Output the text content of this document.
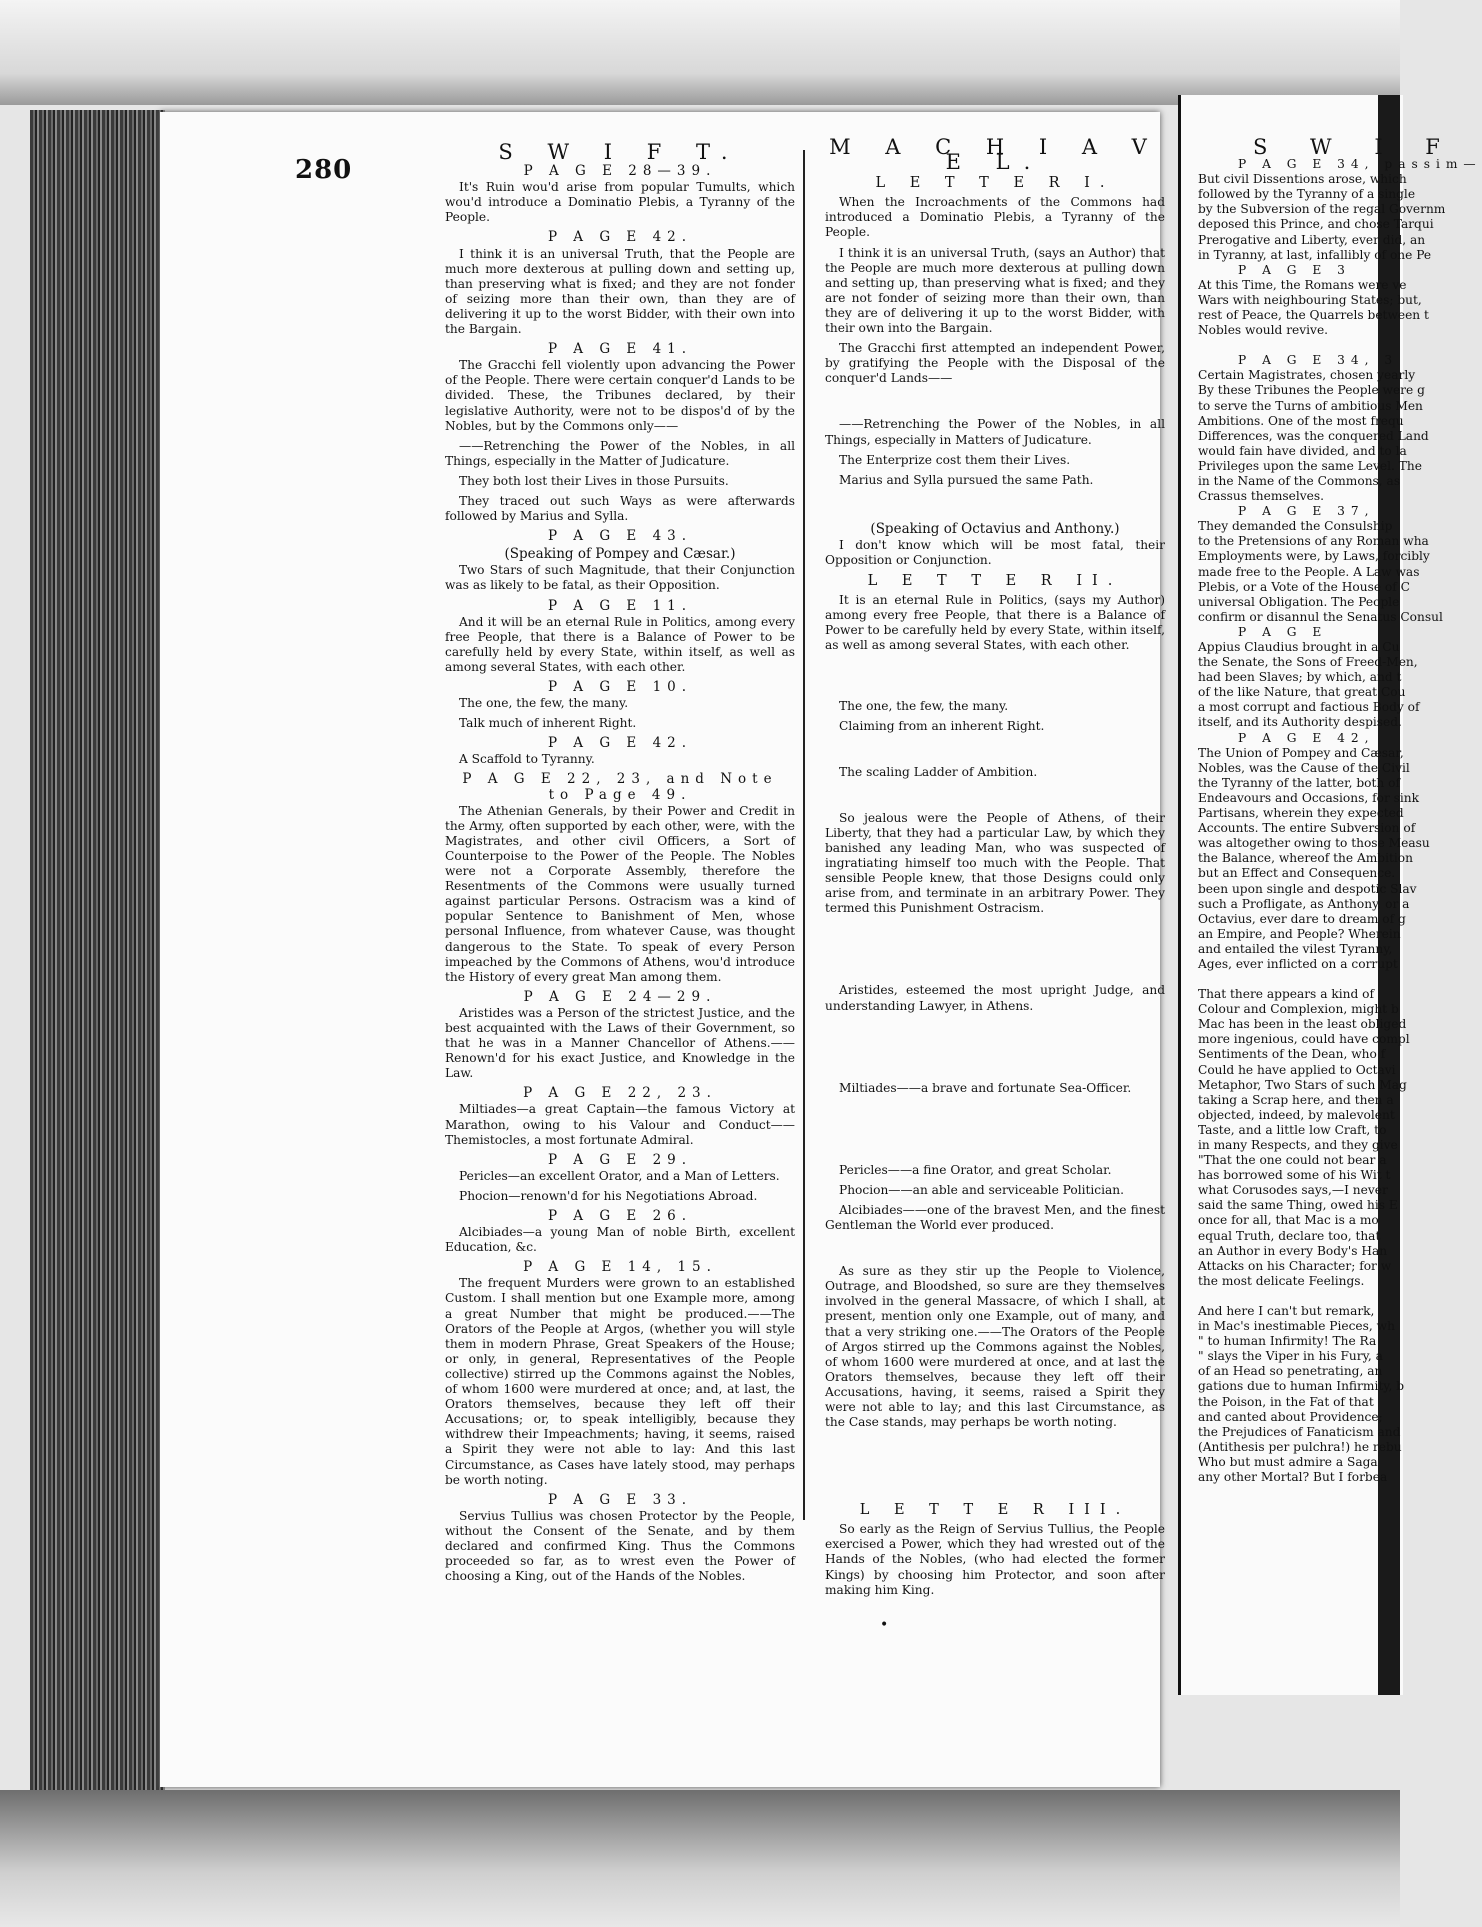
280
S W I F T.
P A G E 28—39.

It's Ruin wou'd arise from popular Tumults, which wou'd introduce a Dominatio Plebis, a Tyranny of the People.

P A G E 42.

I think it is an universal Truth, that the People are much more dexterous at pulling down and setting up, than preserving what is fixed; and they are not fonder of seizing more than their own, than they are of delivering it up to the worst Bidder, with their own into the Bargain.

P A G E 41.

The Gracchi fell violently upon advancing the Power of the People. There were certain conquer'd Lands to be divided. These, the Tribunes declared, by their legislative Authority, were not to be dispos'd of by the Nobles, but by the Commons only——

——Retrenching the Power of the Nobles, in all Things, especially in the Matter of Judicature.

They both lost their Lives in those Pursuits.

They traced out such Ways as were afterwards followed by Marius and Sylla.

P A G E 43.
(Speaking of Pompey and Cæsar.)

Two Stars of such Magnitude, that their Conjunction was as likely to be fatal, as their Opposition.

P A G E 11.

And it will be an eternal Rule in Politics, among every free People, that there is a Balance of Power to be carefully held by every State, within itself, as well as among several States, with each other.

P A G E 10.

The one, the few, the many.

Talk much of inherent Right.

P A G E 42.

A Scaffold to Tyranny.

P A G E 22, 23, and Note to Page 49.

The Athenian Generals, by their Power and Credit in the Army, often supported by each other, were, with the Magistrates, and other civil Officers, a Sort of Counterpoise to the Power of the People. The Nobles were not a Corporate Assembly, therefore the Resentments of the Commons were usually turned against particular Persons. Ostracism was a kind of popular Sentence to Banishment of Men, whose personal Influence, from whatever Cause, was thought dangerous to the State. To speak of every Person impeached by the Commons of Athens, wou'd introduce the History of every great Man among them.

P A G E 24—29.

Aristides was a Person of the strictest Justice, and the best acquainted with the Laws of their Government, so that he was in a Manner Chancellor of Athens.——Renown'd for his exact Justice, and Knowledge in the Law.

P A G E 22, 23.

Miltiades—a great Captain—the famous Victory at Marathon, owing to his Valour and Conduct——Themistocles, a most fortunate Admiral.

P A G E 29.

Pericles—an excellent Orator, and a Man of Letters.

Phocion—renown'd for his Negotiations Abroad.

P A G E 26.

Alcibiades—a young Man of noble Birth, excellent Education, &c.

P A G E 14, 15.

The frequent Murders were grown to an established Custom. I shall mention but one Example more, among a great Number that might be produced.——The Orators of the People at Argos, (whether you will style them in modern Phrase, Great Speakers of the House; or only, in general, Representatives of the People collective) stirred up the Commons against the Nobles, of whom 1600 were murdered at once; and, at last, the Orators themselves, because they left off their Accusations; or, to speak intelligibly, because they withdrew their Impeachments; having, it seems, raised a Spirit they were not able to lay: And this last Circumstance, as Cases have lately stood, may perhaps be worth noting.

P A G E 33.

Servius Tullius was chosen Protector by the People, without the Consent of the Senate, and by them declared and confirmed King. Thus the Commons proceeded so far, as to wrest even the Power of choosing a King, out of the Hands of the Nobles.

M A C H I A V E L.
L E T T E R I.

When the Incroachments of the Commons had introduced a Dominatio Plebis, a Tyranny of the People.

I think it is an universal Truth, (says an Author) that the People are much more dexterous at pulling down and setting up, than preserving what is fixed; and they are not fonder of seizing more than their own, than they are of delivering it up to the worst Bidder, with their own into the Bargain.

The Gracchi first attempted an independent Power, by gratifying the People with the Disposal of the conquer'd Lands——

——Retrenching the Power of the Nobles, in all Things, especially in Matters of Judicature.

The Enterprize cost them their Lives.

Marius and Sylla pursued the same Path.

(Speaking of Octavius and Anthony.)

I don't know which will be most fatal, their Opposition or Conjunction.

L E T T E R II.

It is an eternal Rule in Politics, (says my Author) among every free People, that there is a Balance of Power to be carefully held by every State, within itself, as well as among several States, with each other.

The one, the few, the many.

Claiming from an inherent Right.

The scaling Ladder of Ambition.

So jealous were the People of Athens, of their Liberty, that they had a particular Law, by which they banished any leading Man, who was suspected of ingratiating himself too much with the People. That sensible People knew, that those Designs could only arise from, and terminate in an arbitrary Power. They termed this Punishment Ostracism.

Aristides, esteemed the most upright Judge, and understanding Lawyer, in Athens.

Miltiades——a brave and fortunate Sea-Officer.

Pericles——a fine Orator, and great Scholar.

Phocion——an able and serviceable Politician.

Alcibiades——one of the bravest Men, and the finest Gentleman the World ever produced.

As sure as they stir up the People to Violence, Outrage, and Bloodshed, so sure are they themselves involved in the general Massacre, of which I shall, at present, mention only one Example, out of many, and that a very striking one.——The Orators of the People of Argos stirred up the Commons against the Nobles, of whom 1600 were murdered at once, and at last the Orators themselves, because they left off their Accusations, having, it seems, raised a Spirit they were not able to lay; and this last Circumstance, as the Case stands, may perhaps be worth noting.

L E T T E R III.

So early as the Reign of Servius Tullius, the People exercised a Power, which they had wrested out of the Hands of the Nobles, (who had elected the former Kings) by choosing him Protector, and soon after making him King.

S W I F
P A G E 34, passim—
But civil Dissentions arose, which
followed by the Tyranny of a single
by the Subversion of the regal Governm
deposed this Prince, and chose Tarqui
Prerogative and Liberty, ever did, an
in Tyranny, at last, infallibly of one Pe
P A G E 3
At this Time, the Romans were ve
Wars with neighbouring States; but,
rest of Peace, the Quarrels between t
Nobles would revive.
P A G E 34, 3
Certain Magistrates, chosen yearly
By these Tribunes the People were g
to serve the Turns of ambitious Men
Ambitions. One of the most frequ
Differences, was the conquered Land
would fain have divided, and to la
Privileges upon the same Level. The
in the Name of the Commons, as
Crassus themselves.
P A G E 37,
They demanded the Consulship
to the Pretensions of any Roman wha
Employments were, by Laws, forcibly
made free to the People. A Law was
Plebis, or a Vote of the House of C
universal Obligation. The People
confirm or disannul the Senatus Consul
P A G E
Appius Claudius brought in a Cu
the Senate, the Sons of Freed-Men,
had been Slaves; by which, and t
of the like Nature, that great Cou
a most corrupt and factious Body of
itself, and its Authority despised.
P A G E 42,
The Union of Pompey and Cæsar,
Nobles, was the Cause of the Civil
the Tyranny of the latter, both of
Endeavours and Occasions, for sink
Partisans, wherein they expected
Accounts. The entire Subversion of
was altogether owing to those Measu
the Balance, whereof the Ambition
but an Effect and Consequence.
been upon single and despotic Slav
such a Profligate, as Anthony, or a
Octavius, ever dare to dream of g
an Empire, and People? Wherein
and entailed the vilest Tyranny,
Ages, ever inflicted on a corrupt
That there appears a kind of
Colour and Complexion, might b
Mac has been in the least obliged
more ingenious, could have compl
Sentiments of the Dean, who f
Could he have applied to Octavi
Metaphor, Two Stars of such Mag
taking a Scrap here, and then a
objected, indeed, by malevolent
Taste, and a little low Craft, to
in many Respects, and they give
"That the one could not bear a
has borrowed some of his Wit t
what Corusodes says,—I never
said the same Thing, owed his E
once for all, that Mac is a mo
equal Truth, declare too, that
an Author in every Body's Han
Attacks on his Character; for w
the most delicate Feelings.
And here I can't but remark,
in Mac's inestimable Pieces, wh
" to human Infirmity! The Ra
" slays the Viper in his Fury, a
of an Head so penetrating, an
gations due to human Infirmity, b
the Poison, in the Fat of that
and canted about Providence;
the Prejudices of Fanaticism and
(Antithesis per pulchra!) he rebu
Who but must admire a Saga
any other Mortal? But I forbea
•
